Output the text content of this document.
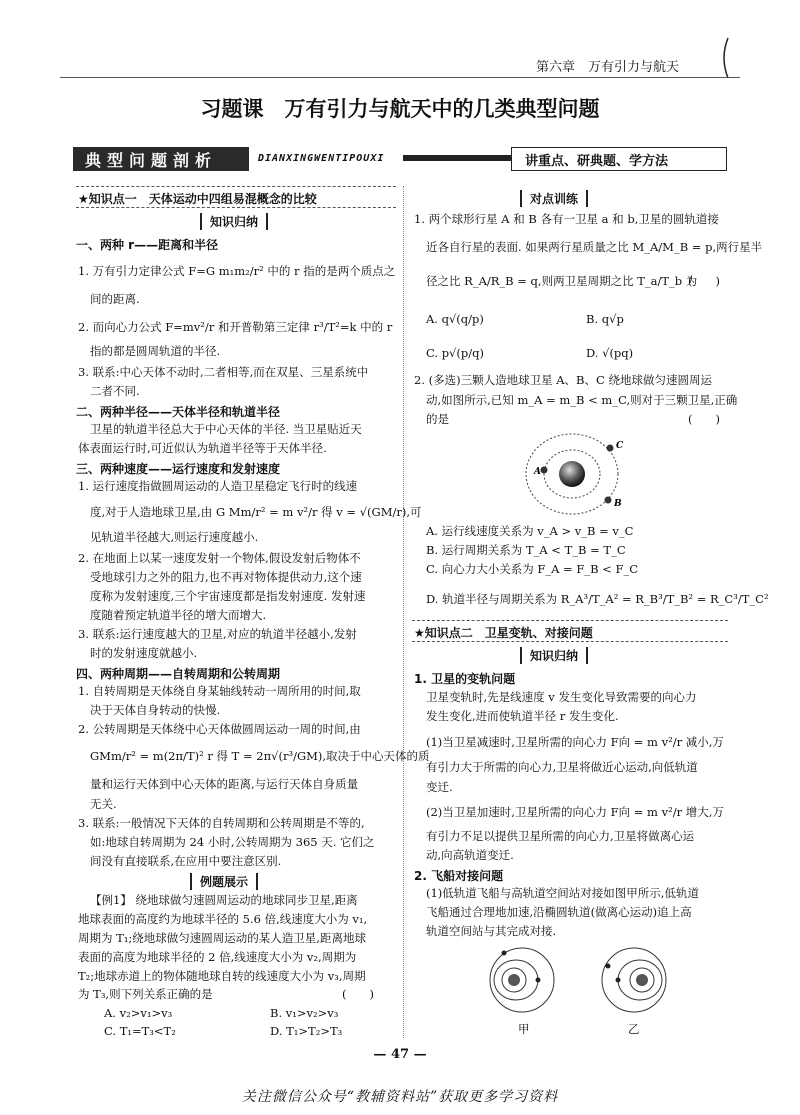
第六章　万有引力与航天
习题课　万有引力与航天中的几类典型问题
典型问题剖析	DIANXINGWENTIPOUXI	讲重点、研典题、学方法
★知识点一　天体运动中四组易混概念的比较
知识归纳
一、两种 r——距离和半径
1. 万有引力定律公式 F=G m₁m₂/r² 中的 r 指的是两个质点之
间的距离.
2. 而向心力公式 F=mv²/r 和开普勒第三定律 r³/T²=k 中的 r
指的都是圆周轨道的半径.
3. 联系:中心天体不动时,二者相等,而在双星、三星系统中
二者不同.
二、两种半径——天体半径和轨道半径
卫星的轨道半径总大于中心天体的半径. 当卫星贴近天
体表面运行时,可近似认为轨道半径等于天体半径.
三、两种速度——运行速度和发射速度
1. 运行速度指做圆周运动的人造卫星稳定飞行时的线速
度,对于人造地球卫星,由 G Mm/r² = m v²/r 得 v = √(GM/r),可
见轨道半径越大,则运行速度越小.
2. 在地面上以某一速度发射一个物体,假设发射后物体不
受地球引力之外的阻力,也不再对物体提供动力,这个速
度称为发射速度,三个宇宙速度都是指发射速度. 发射速
度随着预定轨道半径的增大而增大.
3. 联系:运行速度越大的卫星,对应的轨道半径越小,发射
时的发射速度就越小.
四、两种周期——自转周期和公转周期
1. 自转周期是天体绕自身某轴线转动一周所用的时间,取
决于天体自身转动的快慢.
2. 公转周期是天体绕中心天体做圆周运动一周的时间,由
GMm/r² = m(2π/T)² r 得 T = 2π√(r³/GM),取决于中心天体的质
量和运行天体到中心天体的距离,与运行天体自身质量
无关.
3. 联系:一般情况下天体的自转周期和公转周期是不等的,
如:地球自转周期为 24 小时,公转周期为 365 天. 它们之
间没有直接联系,在应用中要注意区别.
例题展示
【例1】 绕地球做匀速圆周运动的地球同步卫星,距离
地球表面的高度约为地球半径的 5.6 倍,线速度大小为 v₁,
周期为 T₁;绕地球做匀速圆周运动的某人造卫星,距离地球
表面的高度为地球半径的 2 倍,线速度大小为 v₂,周期为
T₂;地球赤道上的物体随地球自转的线速度大小为 v₃,周期
为 T₃,则下列关系正确的是	(　　)
A. v₂>v₁>v₃	B. v₁>v₂>v₃
C. T₁=T₃<T₂	D. T₁>T₂>T₃
对点训练
1. 两个球形行星 A 和 B 各有一卫星 a 和 b,卫星的圆轨道接
近各自行星的表面. 如果两行星质量之比 M_A/M_B = p,两行星半
径之比 R_A/R_B = q,则两卫星周期之比 T_a/T_b 为
(　　)
A. q√(q/p)	B. q√p
C. p√(p/q)	D. √(pq)
2. (多选)三颗人造地球卫星 A、B、C 绕地球做匀速圆周运
动,如图所示,已知 m_A = m_B < m_C,则对于三颗卫星,正确
的是	(　　)
A
C
B
A. 运行线速度关系为 v_A > v_B = v_C
B. 运行周期关系为 T_A < T_B = T_C
C. 向心力大小关系为 F_A = F_B < F_C
D. 轨道半径与周期关系为 R_A³/T_A² = R_B³/T_B² = R_C³/T_C²
★知识点二　卫星变轨、对接问题
知识归纳
1. 卫星的变轨问题
卫星变轨时,先是线速度 v 发生变化导致需要的向心力
发生变化,进而使轨道半径 r 发生变化.
(1)当卫星减速时,卫星所需的向心力 F向 = m v²/r 减小,万
有引力大于所需的向心力,卫星将做近心运动,向低轨道
变迁.
(2)当卫星加速时,卫星所需的向心力 F向 = m v²/r 增大,万
有引力不足以提供卫星所需的向心力,卫星将做离心运
动,向高轨道变迁.
2. 飞船对接问题
(1)低轨道飞船与高轨道空间站对接如图甲所示,低轨道
飞船通过合理地加速,沿椭圆轨道(做离心运动)追上高
轨道空间站与其完成对接.
甲	乙
— 47 —
关注微信公众号“教辅资料站”获取更多学习资料
